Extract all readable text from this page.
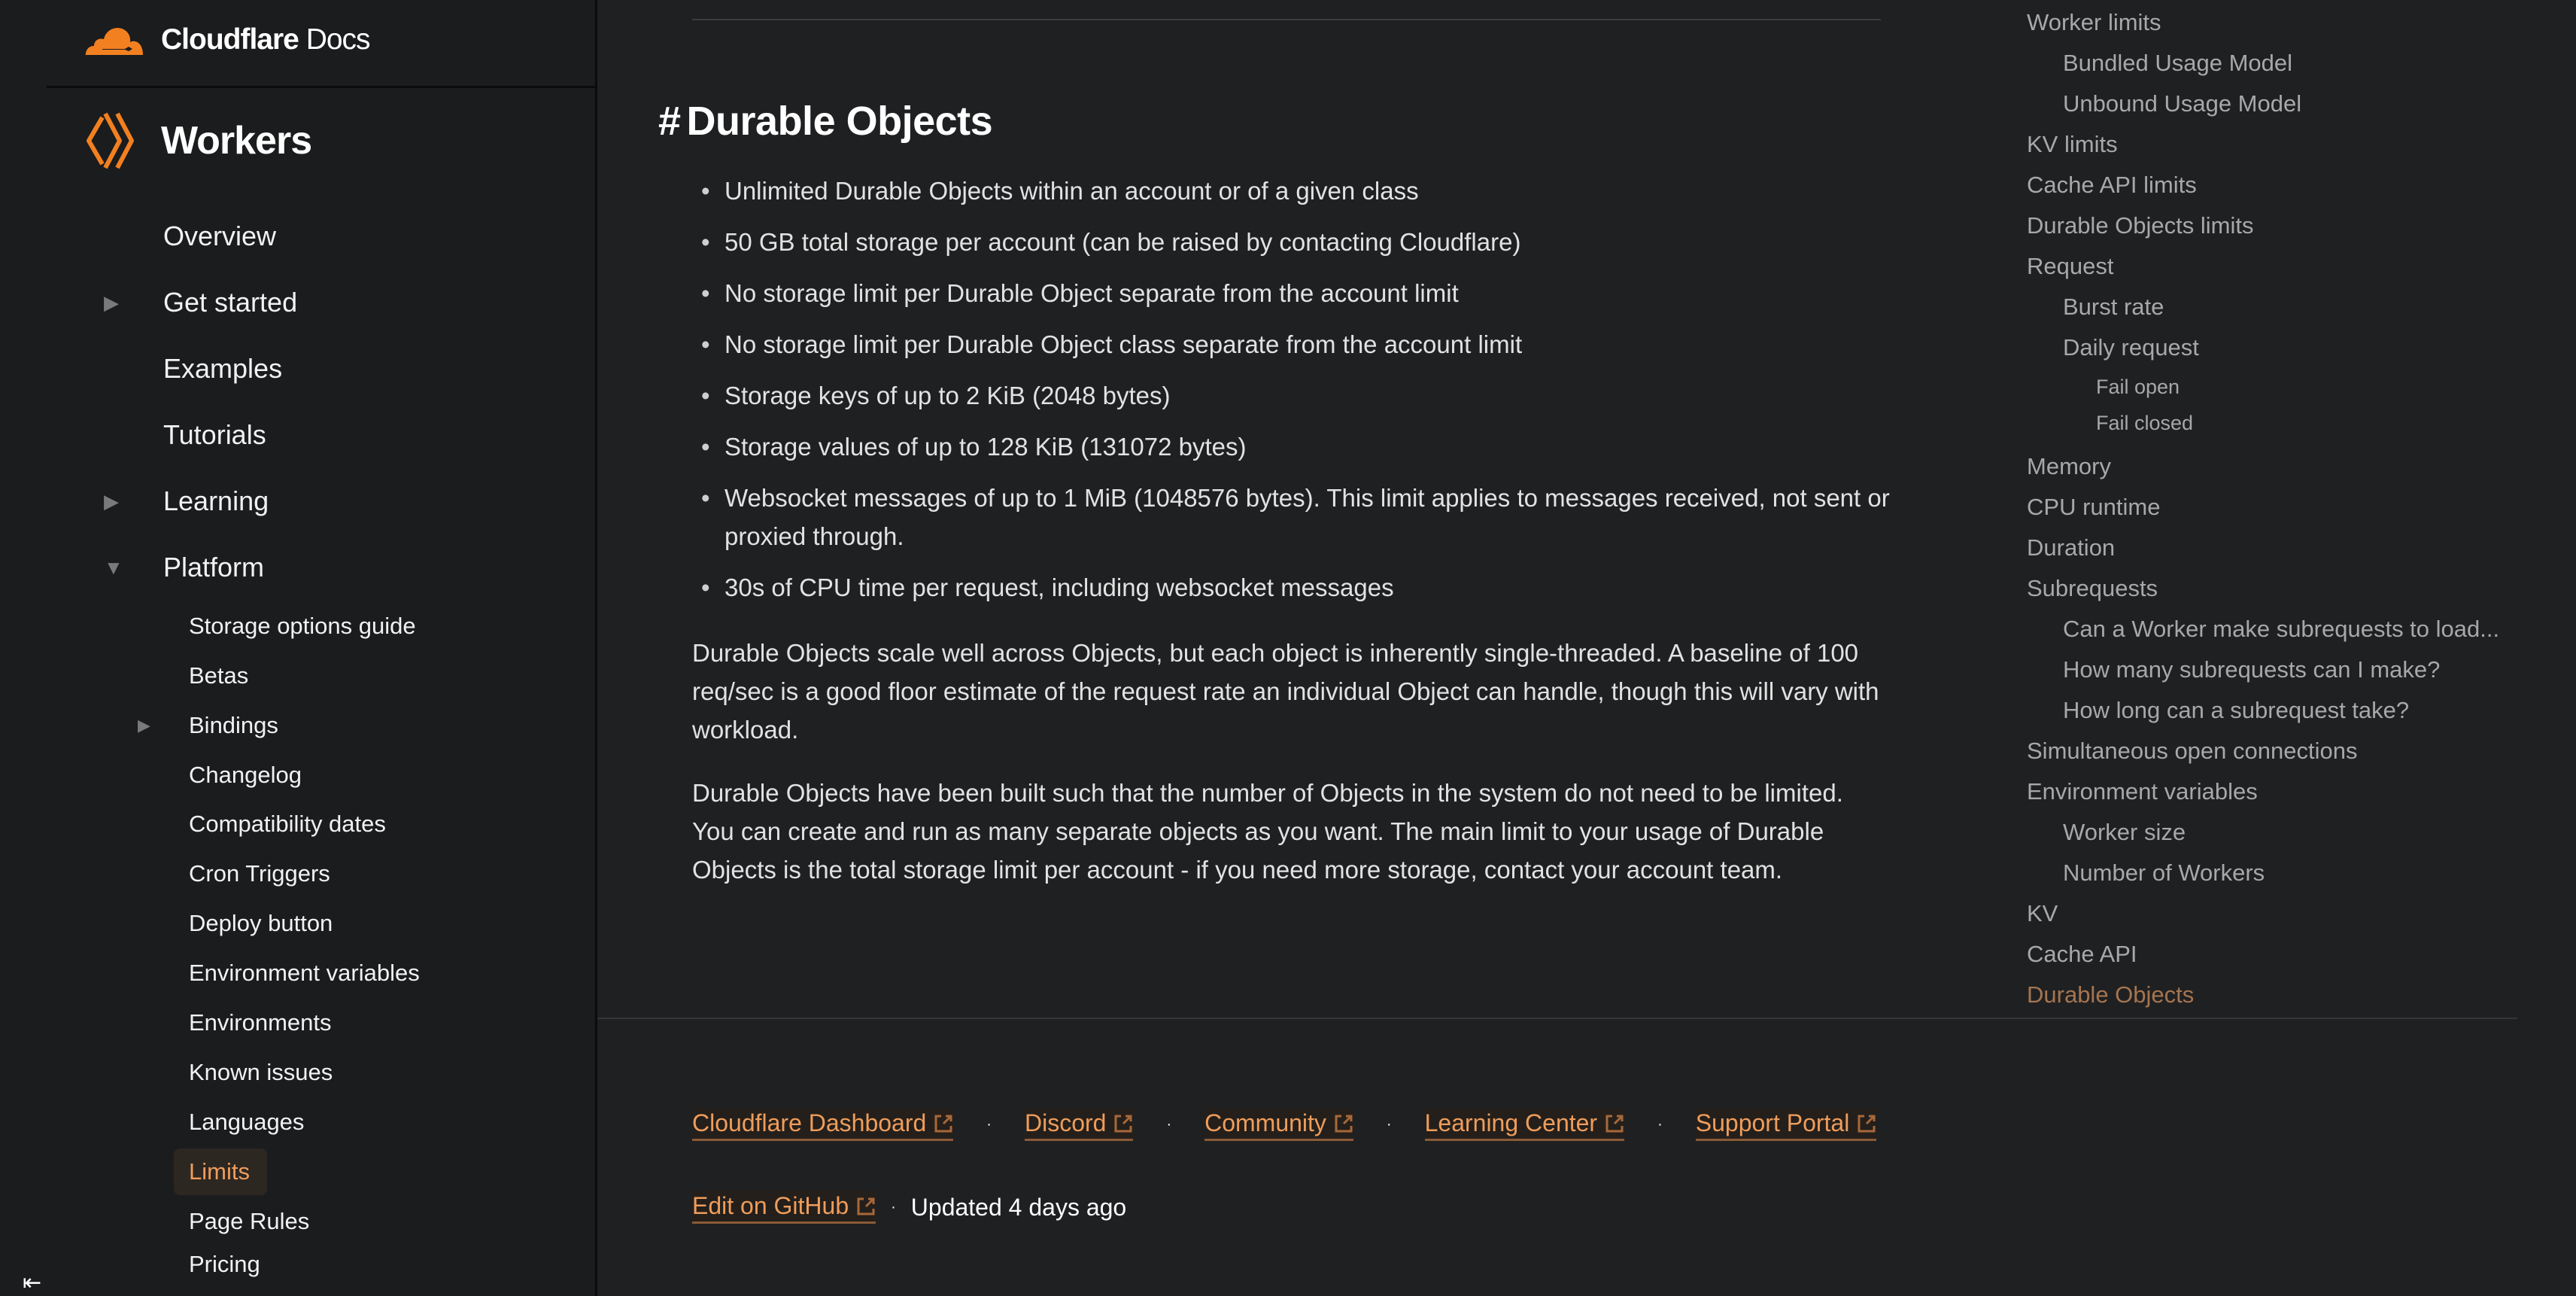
Cloudflare Docs
Workers
Overview
▶ Get started
Examples
Tutorials
▶ Learning
▼ Platform
Storage options guide
Betas
▶ Bindings
Changelog
Compatibility dates
Cron Triggers
Deploy button
Environment variables
Environments
Known issues
Languages
Limits
Page Rules
Pricing
⇤
# Durable Objects
• Unlimited Durable Objects within an account or of a given class
• 50 GB total storage per account (can be raised by contacting Cloudflare)
• No storage limit per Durable Object separate from the account limit
• No storage limit per Durable Object class separate from the account limit
• Storage keys of up to 2 KiB (2048 bytes)
• Storage values of up to 128 KiB (131072 bytes)
• Websocket messages of up to 1 MiB (1048576 bytes). This limit applies to messages received, not sent or proxied through.
• 30s of CPU time per request, including websocket messages

Durable Objects scale well across Objects, but each object is inherently single-threaded. A baseline of 100 req/sec is a good floor estimate of the request rate an individual Object can handle, though this will vary with workload.

Durable Objects have been built such that the number of Objects in the system do not need to be limited. You can create and run as many separate objects as you want. The main limit to your usage of Durable Objects is the total storage limit per account - if you need more storage, contact your account team.

Cloudflare Dashboard	· Discord	· Community	· Learning Center	· Support Portal
Edit on GitHub	· Updated 4 days ago
Worker limits
Bundled Usage Model
Unbound Usage Model
KV limits
Cache API limits
Durable Objects limits
Request
Burst rate
Daily request
Fail open
Fail closed
Memory
CPU runtime
Duration
Subrequests
Can a Worker make subrequests to load...
How many subrequests can I make?
How long can a subrequest take?
Simultaneous open connections
Environment variables
Worker size
Number of Workers
KV
Cache API
Durable Objects
